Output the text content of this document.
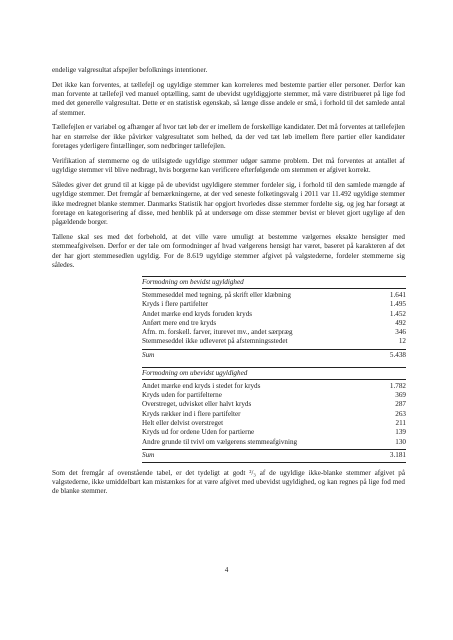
endelige valgresultat afspejler befolknings intentioner.

Det ikke kan forventes, at tællefejl og ugyldige stemmer kan korreleres med bestemte partier eller personer. Derfor kan man forvente at tællefejl ved manuel optælling, samt de ubevidst ugyldiggjorte stemmer, må være distribueret på lige fod med det generelle valgresultat. Dette er en statistisk egenskab, så længe disse andele er små, i forhold til det samlede antal af stemmer.

Tællefejlen er variabel og afhænger af hvor tæt løb der er imellem de forskellige kandidater. Det må forventes at tællefejlen har en størrelse der ikke påvirker valgresultatet som helhed, da der ved tæt løb imellem flere partier eller kandidater foretages yderligere fintællinger, som nedbringer tællefejlen.

Verifikation af stemmerne og de utilsigtede ugyldige stemmer udgør samme problem. Det må forventes at antallet af ugyldige stemmer vil blive nedbragt, hvis borgerne kan verificere efterfølgende om stemmen er afgivet korrekt.

Således giver det grund til at kigge på de ubevidst ugyldigere stemmer fordeler sig, i forhold til den samlede mængde af ugyldige stemmer. Det fremgår af bemærkningerne, at der ved seneste folketingsvalg i 2011 var 11.492 ugyldige stemmer ikke medregnet blanke stemmer. Danmarks Statistik har opgjort hvorledes disse stemmer fordelte sig, og jeg har forsøgt at foretage en kategorisering af disse, med henblik på at undersøge om disse stemmer bevist er blevet gjort ugylige af den pågældende borger.

Tallene skal ses med det forbehold, at det ville være umuligt at bestemme vælgernes eksakte hensigter med stemmeafgivelsen. Derfor er der tale om formodninger af hvad vælgerens hensigt har været, baseret på karakteren af det der har gjort stemmesedlen ugyldig. For de 8.619 ugyldige stemmer afgivet på valgstederne, fordeler stemmerne sig således.

Formodning om bevidst ugyldighed
Stemmeseddel med tegning, på skrift eller klæbning	1.641
Kryds i flere partifelter	1.495
Andet mærke end kryds foruden kryds	1.452
Anført mere end tre kryds	492
Afm. m. forskell. farver, iturevet mv., andet særpræg	346
Stemmeseddel ikke udleveret på afstemningsstedet	12
Sum	5.438
Formodning om ubevidst ugyldighed
Andet mærke end kryds i stedet for kryds	1.782
Kryds uden for partifelterne	369
Overstreget, udvisket eller halvt kryds	287
Kryds rækker ind i flere partifelter	263
Helt eller delvist overstreget	211
Kryds ud for ordene Uden for partierne	139
Andre grunde til tvivl om vælgerens stemmeafgivning	130
Sum	3.181

Som det fremgår af ovenstående tabel, er det tydeligt at godt ²/₃ af de ugyldige ikke-blanke stemmer afgivet på valgstederne, ikke umiddelbart kan mistænkes for at være afgivet med ubevidst ugyldighed, og kan regnes på lige fod med de blanke stemmer.

4
